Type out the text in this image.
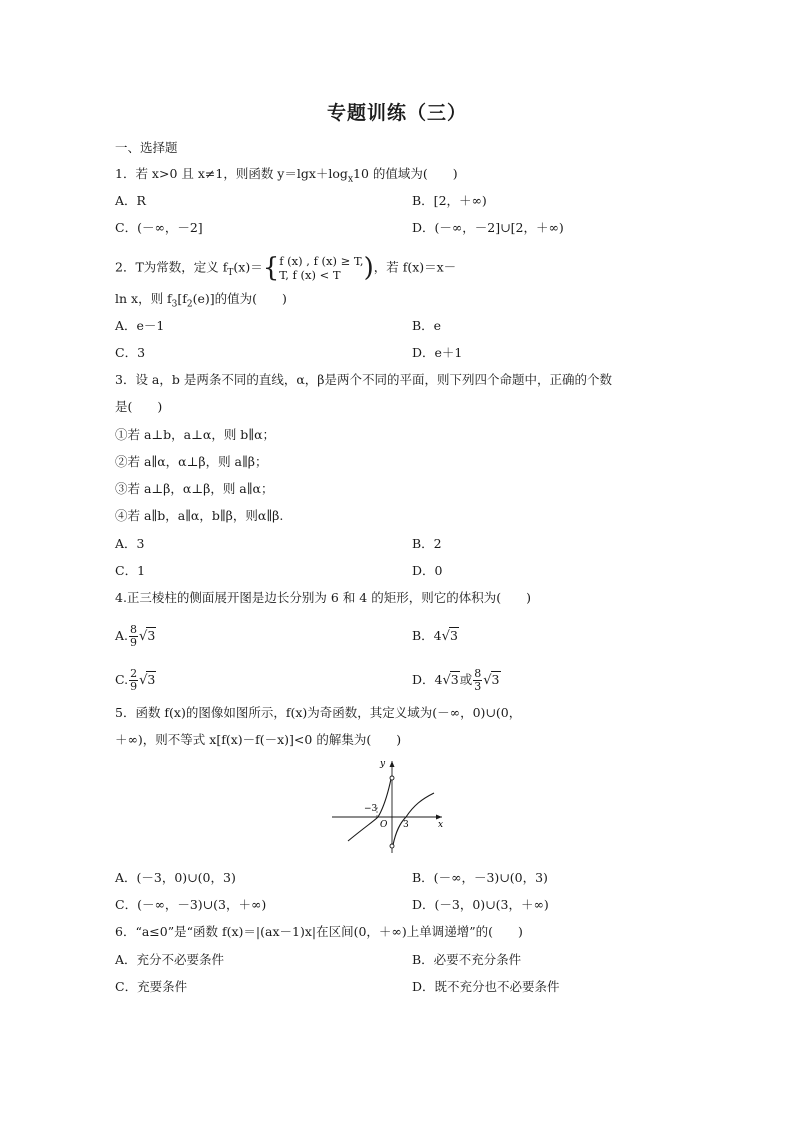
专题训练（三）
一、选择题
1．若 x>0 且 x≠1，则函数 $y=\lg x+\log_x10$ 的值域为(　　)
A．R	B．[2，＋∞)
C．(－∞，－2]	D．(－∞，－2]∪[2，＋∞)
2．T为常数，定义 $f_T(x)=${ f (x) , f (x) ≥ T,
T, f (x) < T )，若 f(x)＝x－
ln x，则 $f_3[f_2(e)]$的值为(　　)
A．e－1	B．e
C．3	D．e＋1
3．设 a，b 是两条不同的直线，α，β是两个不同的平面，则下列四个命题中，正确的个数
是(　　)
①若 a⊥b，a⊥α，则 b∥α；
②若 a∥α，α⊥β，则 a∥β；
③若 a⊥β，α⊥β，则 a∥α；
④若 a∥b，a∥α，b∥β，则α∥β.
A．3	B．2
C．1	D．0
4.正三棱柱的侧面展开图是边长分别为 6 和 4 的矩形，则它的体积为(　　)
A. $\frac{8}{9} √3$	B．4√3
C. $\frac{2}{9} √3$	D．4√3或 $\frac{8}{3} √3$
5．函数 f(x)的图像如图所示，f(x)为奇函数，其定义域为(－∞，0)∪(0，
＋∞)，则不等式 x[f(x)－f(－x)]<0 的解集为(　　)
y
x
O
−3
3
A．(－3，0)∪(0，3)	B．(－∞，－3)∪(0，3)
C．(－∞，－3)∪(3，＋∞)	D．(－3，0)∪(3，＋∞)
6．“a≤0”是“函数 f(x)＝|(ax－1)x|在区间(0，＋∞)上单调递增”的(　　)
A．充分不必要条件	B．必要不充分条件
C．充要条件	D．既不充分也不必要条件
